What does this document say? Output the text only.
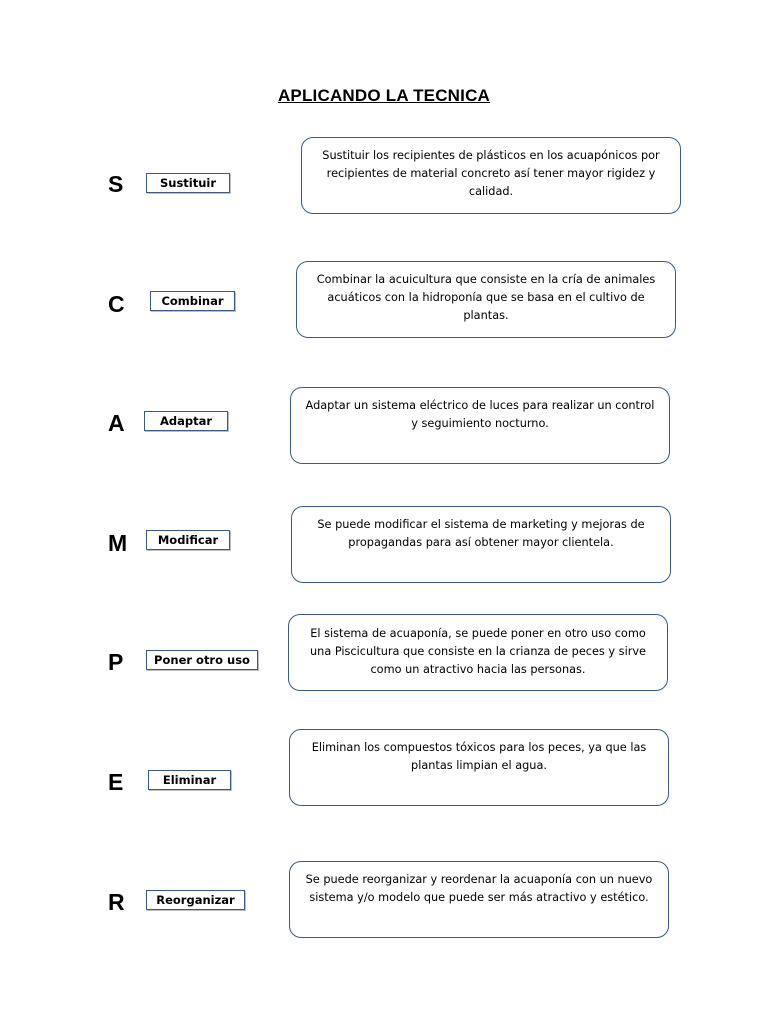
APLICANDO LA TECNICA
S	Sustituir
Sustituir los recipientes de plásticos en los acuapónicos por recipientes de material concreto así tener mayor rigidez y calidad.
C	Combinar
Combinar la acuicultura que consiste en la cría de animales acuáticos con la hidroponía que se basa en el cultivo de plantas.
A	Adaptar
Adaptar un sistema eléctrico de luces para realizar un control y seguimiento nocturno.
M	Modificar
Se puede modificar el sistema de marketing y mejoras de propagandas para así obtener mayor clientela.
P	Poner otro uso
El sistema de acuaponía, se puede poner en otro uso como una Piscicultura que consiste en la crianza de peces y sirve como un atractivo hacia las personas.
E	Eliminar
Eliminan los compuestos tóxicos para los peces, ya que las plantas limpian el agua.
R	Reorganizar
Se puede reorganizar y reordenar la acuaponía con un nuevo sistema y/o modelo que puede ser más atractivo y estético.
